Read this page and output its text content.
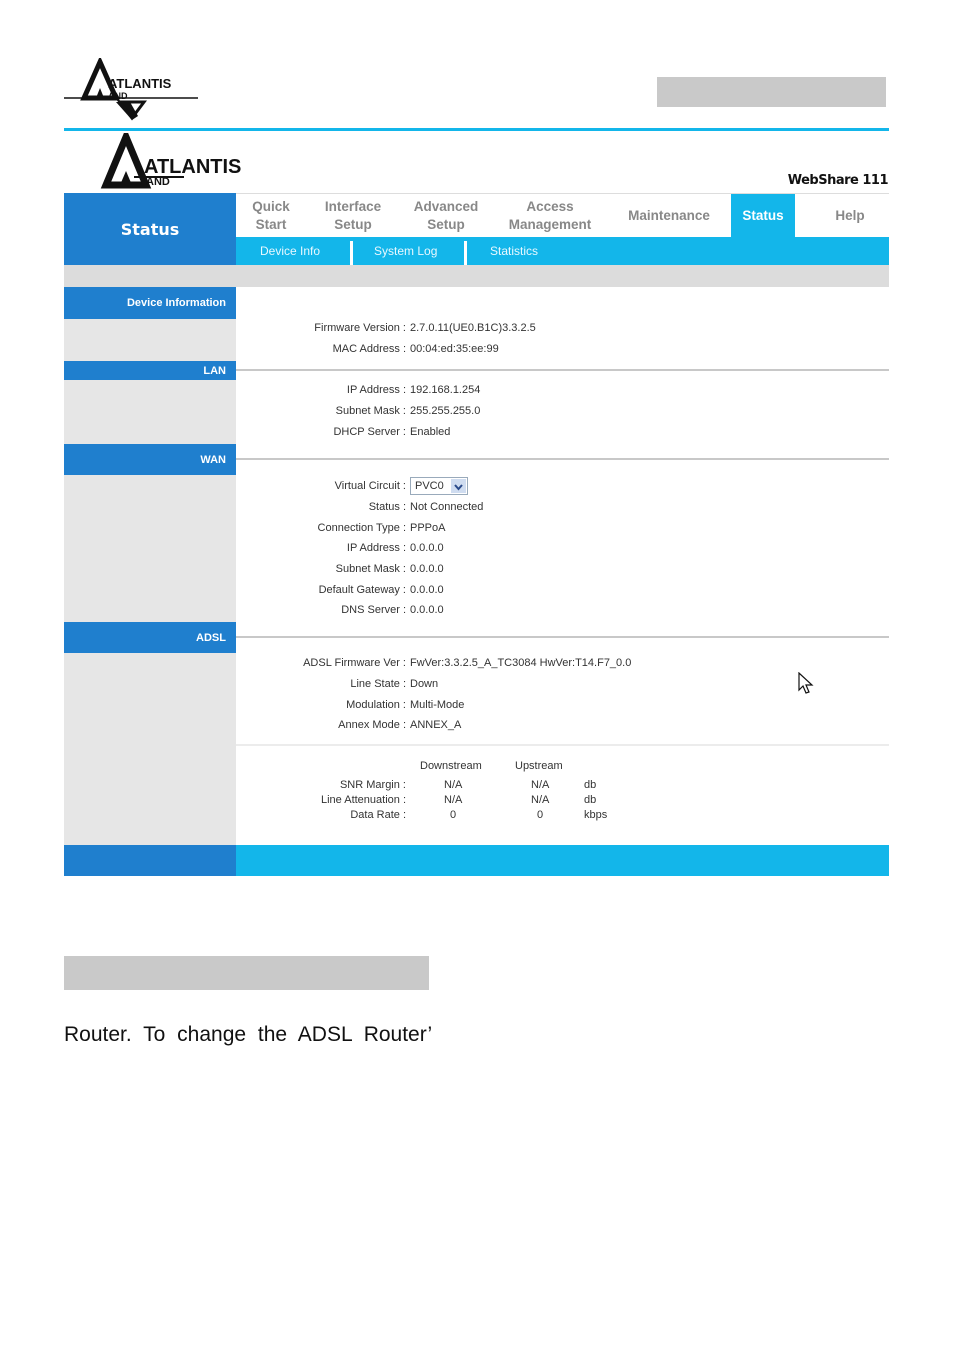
ATLANTIS
AND
ATLANTIS
AND	WebShare 111
Status
Quick Start
Interface Setup
Advanced Setup
Access Management
Maintenance Status	Help
Device Info	System Log	Statistics
Device Information
Firmware Version : 2.7.0.11(UE0.B1C)3.3.2.5
MAC Address : 00:04:ed:35:ee:99
LAN
IP Address : 192.168.1.254
Subnet Mask : 255.255.255.0
DHCP Server : Enabled
WAN
Virtual Circuit : PVC0
Status : Not Connected
Connection Type : PPPoA
IP Address : 0.0.0.0
Subnet Mask : 0.0.0.0
Default Gateway : 0.0.0.0
DNS Server : 0.0.0.0
ADSL
ADSL Firmware Ver : FwVer:3.3.2.5_A_TC3084 HwVer:T14.F7_0.0
Line State : Down
Modulation : Multi-Mode
Annex Mode : ANNEX_A
Downstream	Upstream
SNR Margin :	N/A	N/A	db
Line Attenuation :	N/A	N/A	db
Data Rate :	0	0	kbps
Router. To change the ADSL Router’
